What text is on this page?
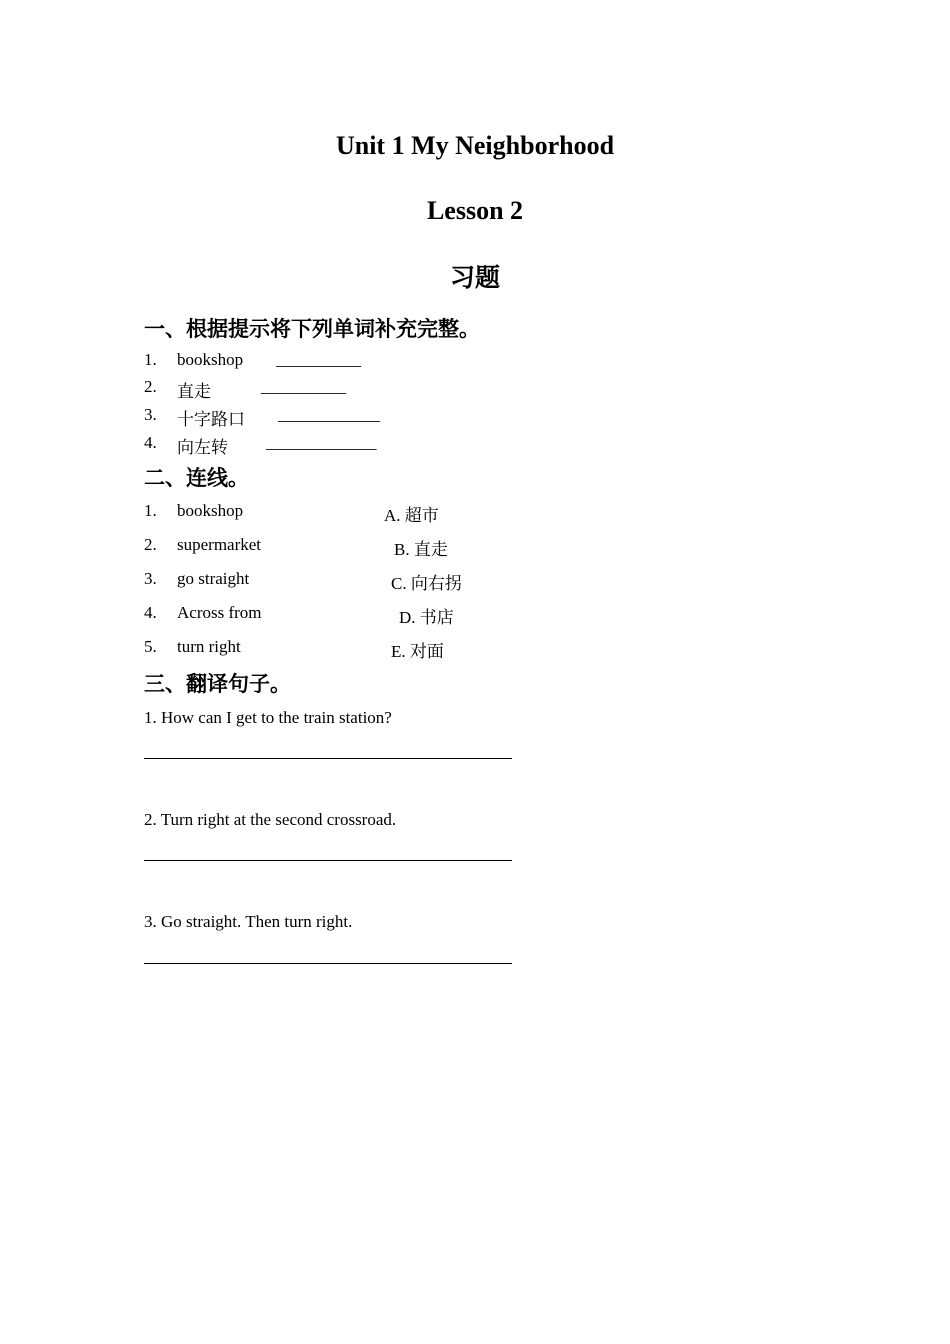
Unit 1 My Neighborhood
Lesson 2
习题
一、根据提示将下列单词补充完整。
1. bookshop __________
2. 直走	__________
3. 十字路口 ____________
4. 向左转 _____________
二、连线。
1. bookshop	A. 超市
2. supermarket	B. 直走
3. go straight	C. 向右拐
4. Across from	D. 书店
5. turn right	E. 对面
三、翻译句子。
1. How can I get to the train station?
2. Turn right at the second crossroad.
3. Go straight. Then turn right.
